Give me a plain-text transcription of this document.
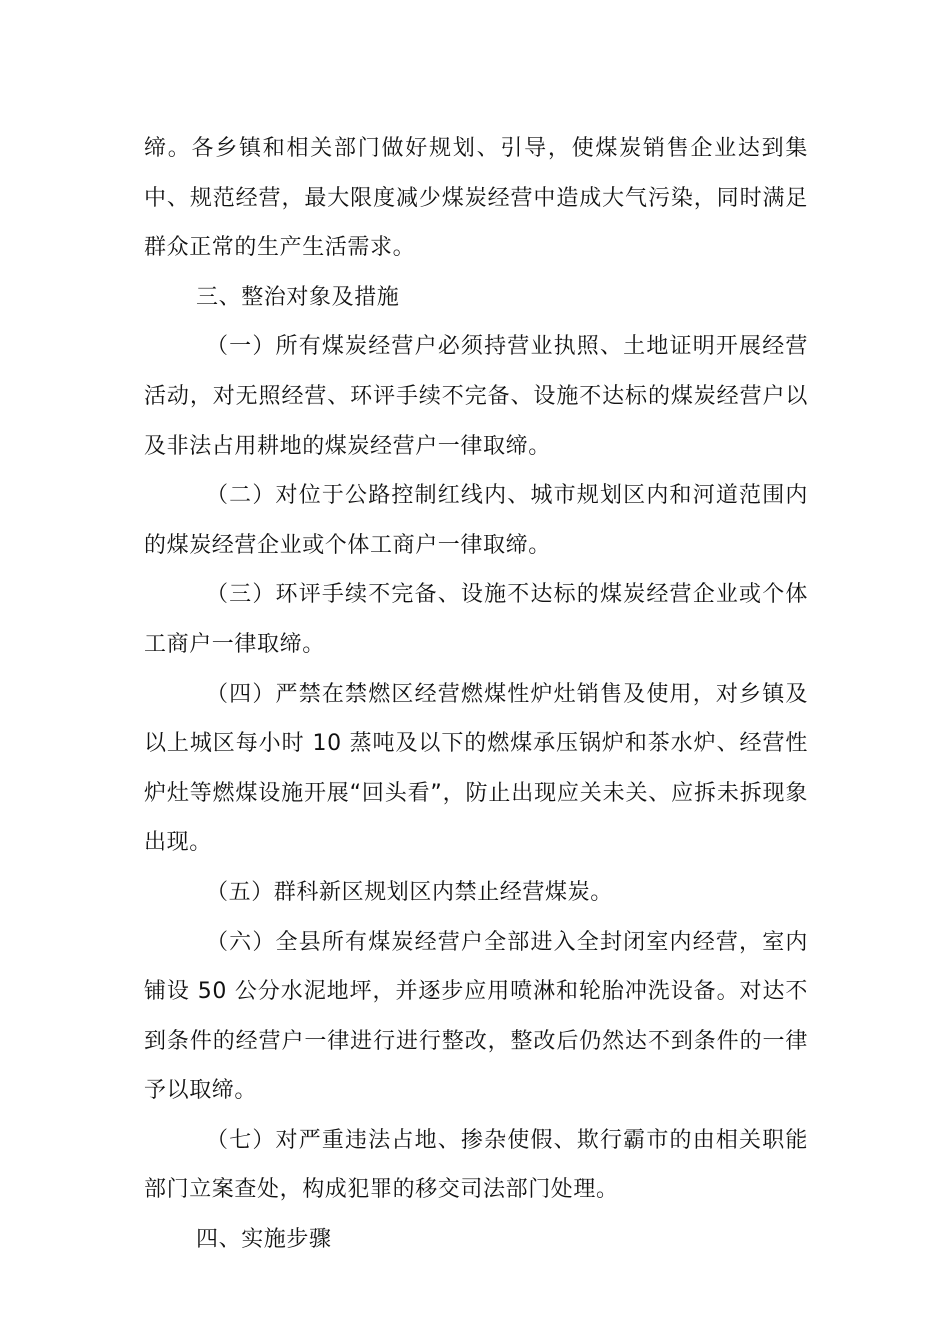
缔。各乡镇和相关部门做好规划、引导，使煤炭销售企业达到集中、规范经营，最大限度减少煤炭经营中造成大气污染，同时满足群众正常的生产生活需求。

三、整治对象及措施

（一）所有煤炭经营户必须持营业执照、土地证明开展经营活动，对无照经营、环评手续不完备、设施不达标的煤炭经营户以及非法占用耕地的煤炭经营户一律取缔。

（二）对位于公路控制红线内、城市规划区内和河道范围内的煤炭经营企业或个体工商户一律取缔。

（三）环评手续不完备、设施不达标的煤炭经营企业或个体工商户一律取缔。

（四）严禁在禁燃区经营燃煤性炉灶销售及使用，对乡镇及以上城区每小时 10 蒸吨及以下的燃煤承压锅炉和茶水炉、经营性炉灶等燃煤设施开展“回头看”，防止出现应关未关、应拆未拆现象出现。

（五）群科新区规划区内禁止经营煤炭。

（六）全县所有煤炭经营户全部进入全封闭室内经营，室内铺设 50 公分水泥地坪，并逐步应用喷淋和轮胎冲洗设备。对达不到条件的经营户一律进行进行整改，整改后仍然达不到条件的一律予以取缔。

（七）对严重违法占地、掺杂使假、欺行霸市的由相关职能部门立案查处，构成犯罪的移交司法部门处理。

四、实施步骤
